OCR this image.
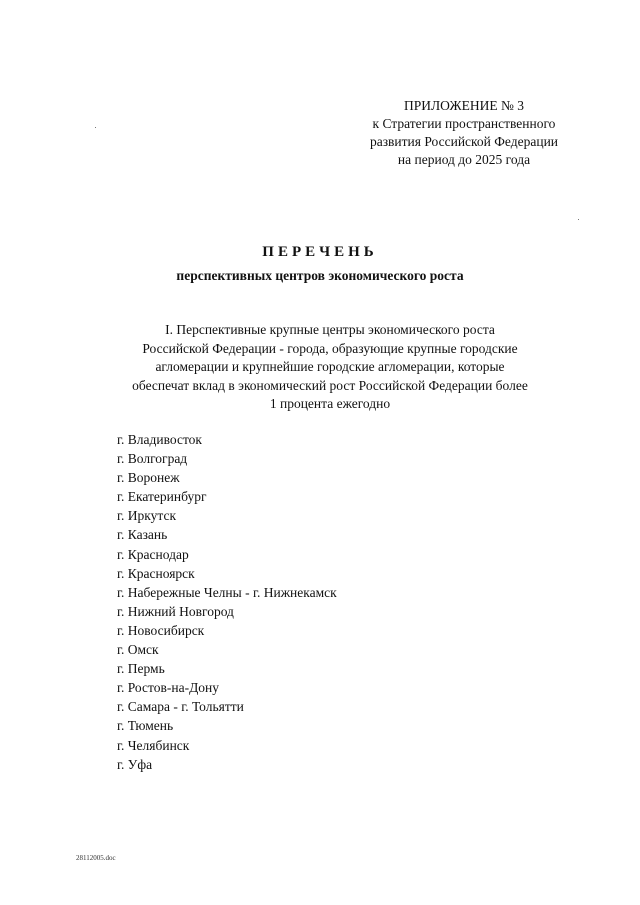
ПРИЛОЖЕНИЕ № 3
к Стратегии пространственного
развития Российской Федерации
на период до 2025 года
ПЕРЕЧЕНЬ
перспективных центров экономического роста
I. Перспективные крупные центры экономического роста
Российской Федерации - города, образующие крупные городские
агломерации и крупнейшие городские агломерации, которые
обеспечат вклад в экономический рост Российской Федерации более
1 процента ежегодно
г. Владивосток
г. Волгоград
г. Воронеж
г. Екатеринбург
г. Иркутск
г. Казань
г. Краснодар
г. Красноярск
г. Набережные Челны - г. Нижнекамск
г. Нижний Новгород
г. Новосибирск
г. Омск
г. Пермь
г. Ростов-на-Дону
г. Самара - г. Тольятти
г. Тюмень
г. Челябинск
г. Уфа
28112005.doc
